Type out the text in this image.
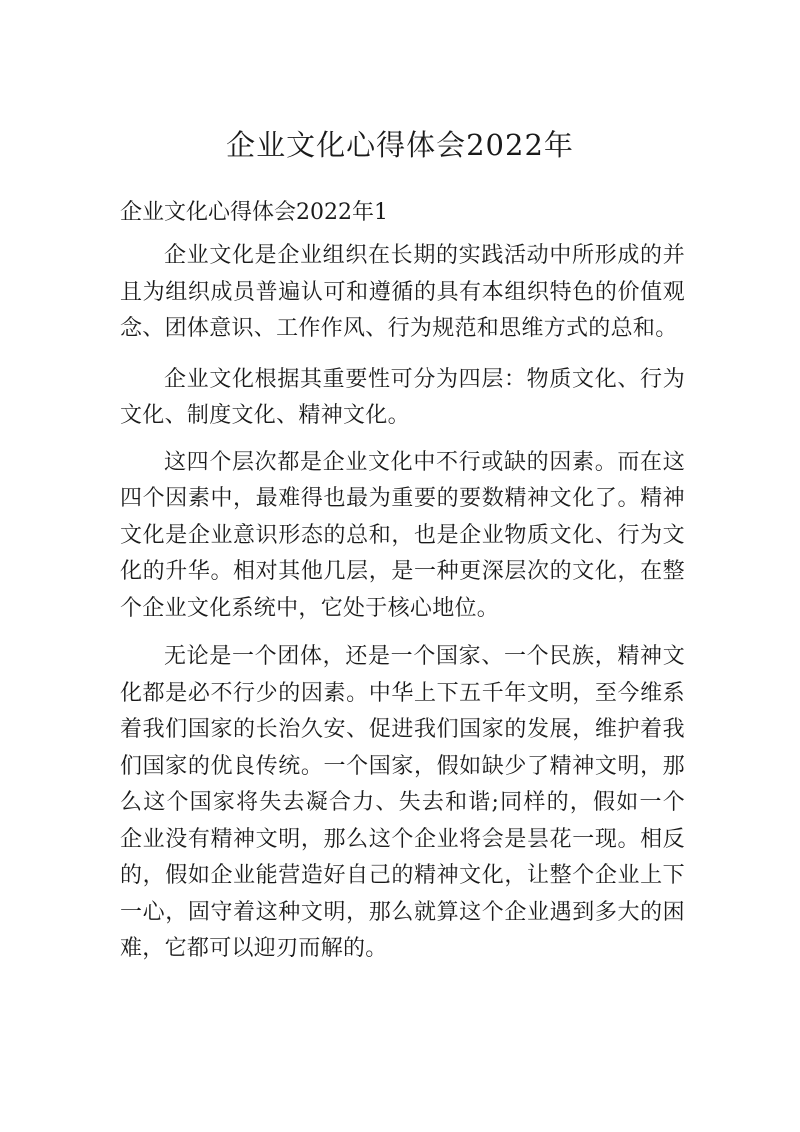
企业文化心得体会2022年
企业文化心得体会2022年1

企业文化是企业组织在长期的实践活动中所形成的并且为组织成员普遍认可和遵循的具有本组织特色的价值观念、团体意识、工作作风、行为规范和思维方式的总和。

企业文化根据其重要性可分为四层：物质文化、行为文化、制度文化、精神文化。

这四个层次都是企业文化中不行或缺的因素。而在这四个因素中，最难得也最为重要的要数精神文化了。精神文化是企业意识形态的总和，也是企业物质文化、行为文化的升华。相对其他几层，是一种更深层次的文化，在整个企业文化系统中，它处于核心地位。

无论是一个团体，还是一个国家、一个民族，精神文化都是必不行少的因素。中华上下五千年文明，至今维系着我们国家的长治久安、促进我们国家的发展，维护着我们国家的优良传统。一个国家，假如缺少了精神文明，那么这个国家将失去凝合力、失去和谐;同样的，假如一个企业没有精神文明，那么这个企业将会是昙花一现。相反的，假如企业能营造好自己的精神文化，让整个企业上下一心，固守着这种文明，那么就算这个企业遇到多大的困难，它都可以迎刃而解的。
